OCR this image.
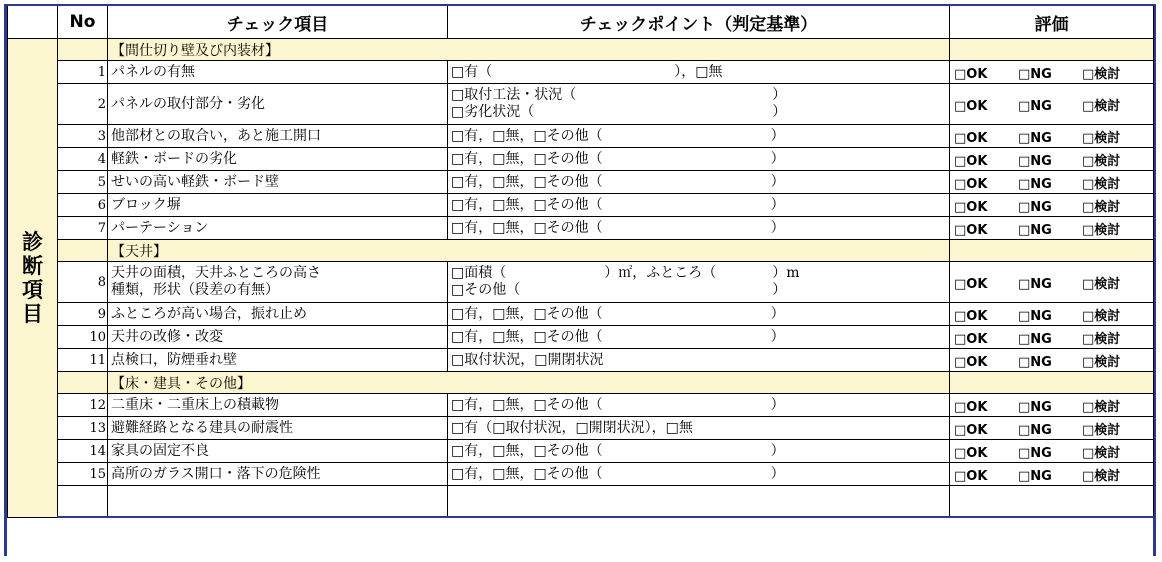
	No	チェック項目	チェックポイント（判定基準）	評価

診
断
項
目		【間仕切り壁及び内装材】		
	1	パネルの有無	□有（　　　　　　　　　　　　　），□無	□OK □NG □検討
	2	パネルの取付部分・劣化	□取付工法・状況（　　　　　　　　　　　　　　）
□劣化状況（　　　　　　　　　　　　　　　　　）	□OK □NG □検討
	3	他部材との取合い，あと施工開口	□有，□無，□その他（　　　　　　　　　　　　）	□OK □NG □検討
	4	軽鉄・ボードの劣化	□有，□無，□その他（　　　　　　　　　　　　）	□OK □NG □検討
	5	せいの高い軽鉄・ボード壁	□有，□無，□その他（　　　　　　　　　　　　）	□OK □NG □検討
	6	ブロック塀	□有，□無，□その他（　　　　　　　　　　　　）	□OK □NG □検討
	7	パーテーション	□有，□無，□その他（　　　　　　　　　　　　）	□OK □NG □検討
		【天井】		
	8	天井の面積，天井ふところの高さ
種類，形状（段差の有無）	□面積（　　　　　　　）㎡，ふところ（　　　　）m
□その他（　　　　　　　　　　　　　　　　　　）	□OK □NG □検討
	9	ふところが高い場合，振れ止め	□有，□無，□その他（　　　　　　　　　　　　）	□OK □NG □検討
	10	天井の改修・改変	□有，□無，□その他（　　　　　　　　　　　　）	□OK □NG □検討
	11	点検口，防煙垂れ壁	□取付状況，□開閉状況	□OK □NG □検討
		【床・建具・その他】		
	12	二重床・二重床上の積載物	□有，□無，□その他（　　　　　　　　　　　　）	□OK □NG □検討
	13	避難経路となる建具の耐震性	□有（□取付状況，□開閉状況），□無	□OK □NG □検討
	14	家具の固定不良	□有，□無，□その他（　　　　　　　　　　　　）	□OK □NG □検討
	15	高所のガラス開口・落下の危険性	□有，□無，□その他（　　　　　　　　　　　　）	□OK □NG □検討
